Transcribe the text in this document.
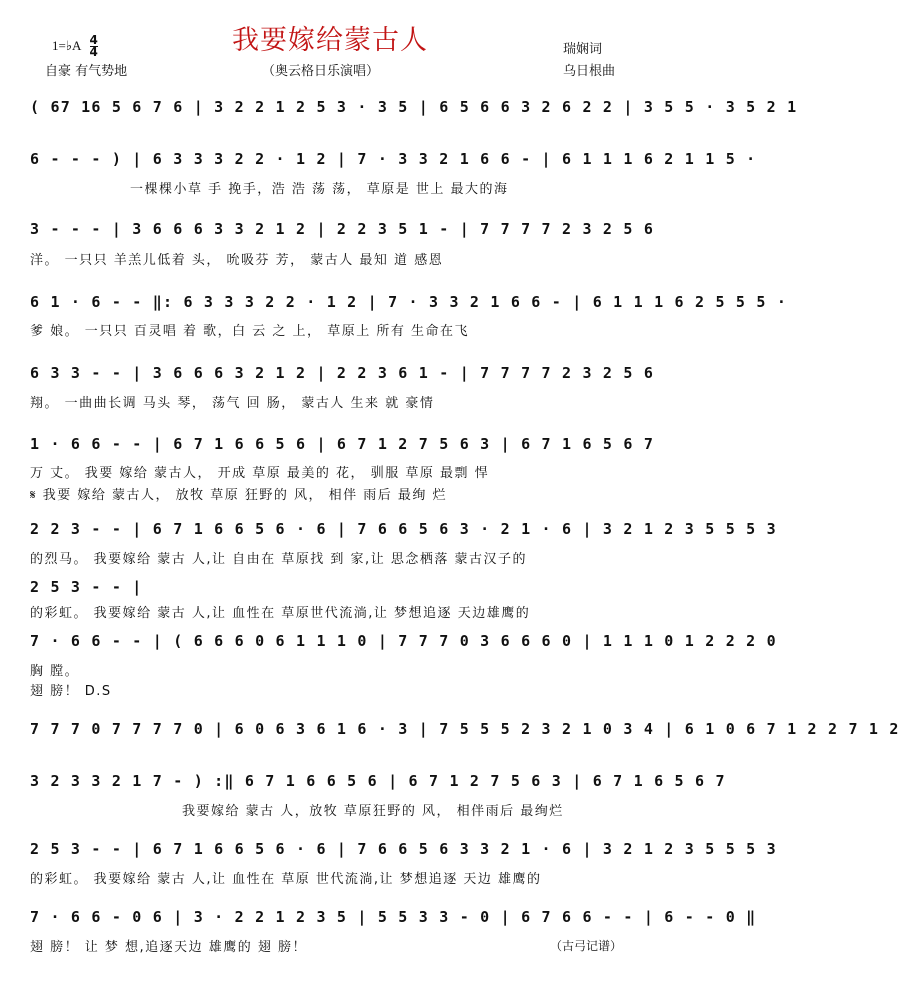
我要嫁给蒙古人
1=♭A $\frac{4}{4}$
自豪 有气势地	（奥云格日乐演唱）
瑞娴词
乌日根曲
( 67 16 5 6 7 6 | 3 2 2 1 2 5 3 · 3 5 | 6 5 6 6 3 2 6 2 2 | 3 5 5 · 3 5 2 1
6 - - - ) | 6 3 3 3 2 2 · 1 2 | 7 · 3 3 2 1 6 6 - | 6 1 1 1 6 2 1 1 5 ·
一棵棵小草 手 挽手，浩 浩 荡 荡， 草原是 世上 最大的海
3 - - - | 3 6 6 6 3 3 2 1 2 | 2 2 3 5 1 - | 7 7 7 7 2 3 2 5 6
洋。 一只只 羊羔儿低着 头， 吮吸芬 芳， 蒙古人 最知 道 感恩
6 1 · 6 - - ‖: 6 3 3 3 2 2 · 1 2 | 7 · 3 3 2 1 6 6 - | 6 1 1 1 6 2 5 5 5 ·
爹 娘。 一只只 百灵唱 着 歌，白 云 之 上， 草原上 所有 生命在飞
6 3 3 - - | 3 6 6 6 3 2 1 2 | 2 2 3 6 1 - | 7 7 7 7 2 3 2 5 6
翔。 一曲曲长调 马头 琴， 荡气 回 肠， 蒙古人 生来 就 豪情
1 · 6 6 - - | 6 7 1 6 6 5 6 | 6 7 1 2 7 5 6 3 | 6 7 1 6 5 6 7
万 丈。 我要 嫁给 蒙古人， 开成 草原 最美的 花， 驯服 草原 最剽 悍
𝄋 我要 嫁给 蒙古人， 放牧 草原 狂野的 风， 相伴 雨后 最绚 烂
2 2 3 - - | 6 7 1 6 6 5 6 · 6 | 7 6 6 5 6 3 · 2 1 · 6 | 3 2 1 2 3 5 5 5 3
的烈马。 我要嫁给 蒙古 人,让 自由在 草原找 到 家,让 思念栖落 蒙古汉子的
2 5 3 - - |
的彩虹。 我要嫁给 蒙古 人,让 血性在 草原世代流淌,让 梦想追逐 天边雄鹰的
7 · 6 6 - - | ( 6 6 6 0 6 1 1 1 0 | 7 7 7 0 3 6 6 6 0 | 1 1 1 0 1 2 2 2 0
胸 膛。
翅 膀！ D.S
7 7 7 0 7 7 7 7 0 | 6 0 6 3 6 1 6 · 3 | 7 5 5 5 2 3 2 1 0 3 4 | 6 1 0 6 7 1 2 2 7 1 2
3 2 3 3 2 1 7 - ) :‖ 6 7 1 6 6 5 6 | 6 7 1 2 7 5 6 3 | 6 7 1 6 5 6 7
我要嫁给 蒙古 人，放牧 草原狂野的 风， 相伴雨后 最绚烂
2 5 3 - - | 6 7 1 6 6 5 6 · 6 | 7 6 6 5 6 3 3 2 1 · 6 | 3 2 1 2 3 5 5 5 3
的彩虹。 我要嫁给 蒙古 人,让 血性在 草原 世代流淌,让 梦想追逐 天边 雄鹰的
7 · 6 6 - 0 6 | 3 · 2 2 1 2 3 5 | 5 5 3 3 - 0 | 6 7 6 6 - - | 6 - - 0 ‖
翅 膀！ 让 梦 想,追逐天边 雄鹰的 翅 膀！	（古弓记谱）
